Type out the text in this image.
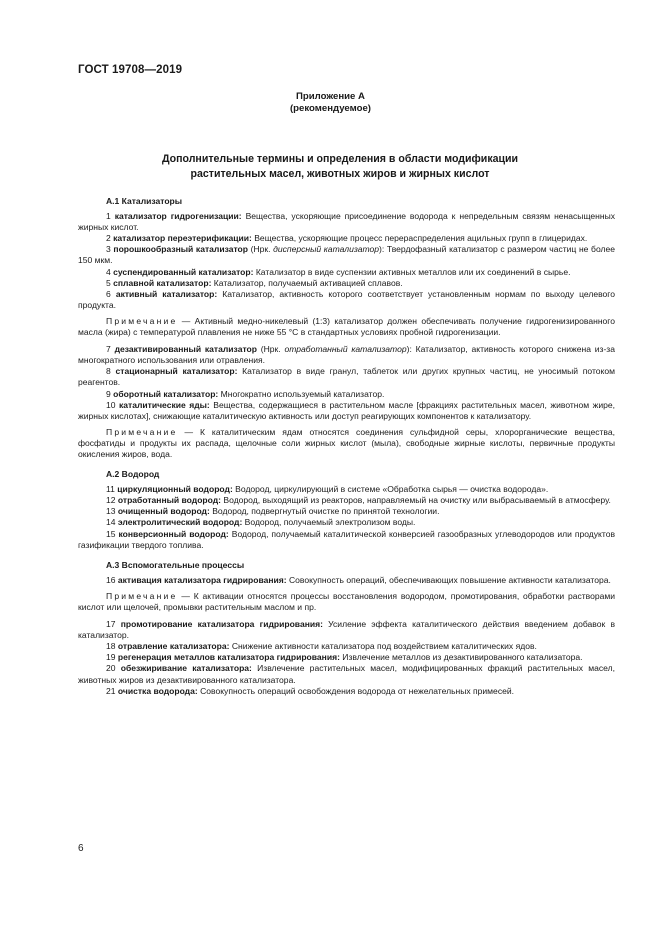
ГОСТ 19708—2019
Приложение А
(рекомендуемое)
Дополнительные термины и определения в области модификации
растительных масел, животных жиров и жирных кислот

А.1 Катализаторы

1 катализатор гидрогенизации: Вещества, ускоряющие присоединение водорода к непредельным связям ненасыщенных жирных кислот.

2 катализатор переэтерификации: Вещества, ускоряющие процесс перераспределения ацильных групп в глицеридах.

3 порошкообразный катализатор (Нрк. дисперсный катализатор): Твердофазный катализатор с размером частиц не более 150 мкм.

4 суспендированный катализатор: Катализатор в виде суспензии активных металлов или их соединений в сырье.

5 сплавной катализатор: Катализатор, получаемый активацией сплавов.

6 активный катализатор: Катализатор, активность которого соответствует установленным нормам по выходу целевого продукта.

Примечание — Активный медно-никелевый (1:3) катализатор должен обеспечивать получение гидрогенизированного масла (жира) с температурой плавления не ниже 55 °С в стандартных условиях пробной гидрогенизации.

7 дезактивированный катализатор (Нрк. отработанный катализатор): Катализатор, активность которого снижена из-за многократного использования или отравления.

8 стационарный катализатор: Катализатор в виде гранул, таблеток или других крупных частиц, не уносимый потоком реагентов.

9 оборотный катализатор: Многократно используемый катализатор.

10 каталитические яды: Вещества, содержащиеся в растительном масле [фракциях растительных масел, животном жире, жирных кислотах], снижающие каталитическую активность или доступ реагирующих компонентов к катализатору.

Примечание — К каталитическим ядам относятся соединения сульфидной серы, хлорорганические вещества, фосфатиды и продукты их распада, щелочные соли жирных кислот (мыла), свободные жирные кислоты, первичные продукты окисления жиров, вода.

А.2 Водород

11 циркуляционный водород: Водород, циркулирующий в системе «Обработка сырья — очистка водорода».

12 отработанный водород: Водород, выходящий из реакторов, направляемый на очистку или выбрасываемый в атмосферу.

13 очищенный водород: Водород, подвергнутый очистке по принятой технологии.

14 электролитический водород: Водород, получаемый электролизом воды.

15 конверсионный водород: Водород, получаемый каталитической конверсией газообразных углеводородов или продуктов газификации твердого топлива.

А.3 Вспомогательные процессы

16 активация катализатора гидрирования: Совокупность операций, обеспечивающих повышение активности катализатора.

Примечание — К активации относятся процессы восстановления водородом, промотирования, обработки растворами кислот или щелочей, промывки растительным маслом и пр.

17 промотирование катализатора гидрирования: Усиление эффекта каталитического действия введением добавок в катализатор.

18 отравление катализатора: Снижение активности катализатора под воздействием каталитических ядов.

19 регенерация металлов катализатора гидрирования: Извлечение металлов из дезактивированного катализатора.

20 обезжиривание катализатора: Извлечение растительных масел, модифицированных фракций растительных масел, животных жиров из дезактивированного катализатора.

21 очистка водорода: Совокупность операций освобождения водорода от нежелательных примесей.

6
